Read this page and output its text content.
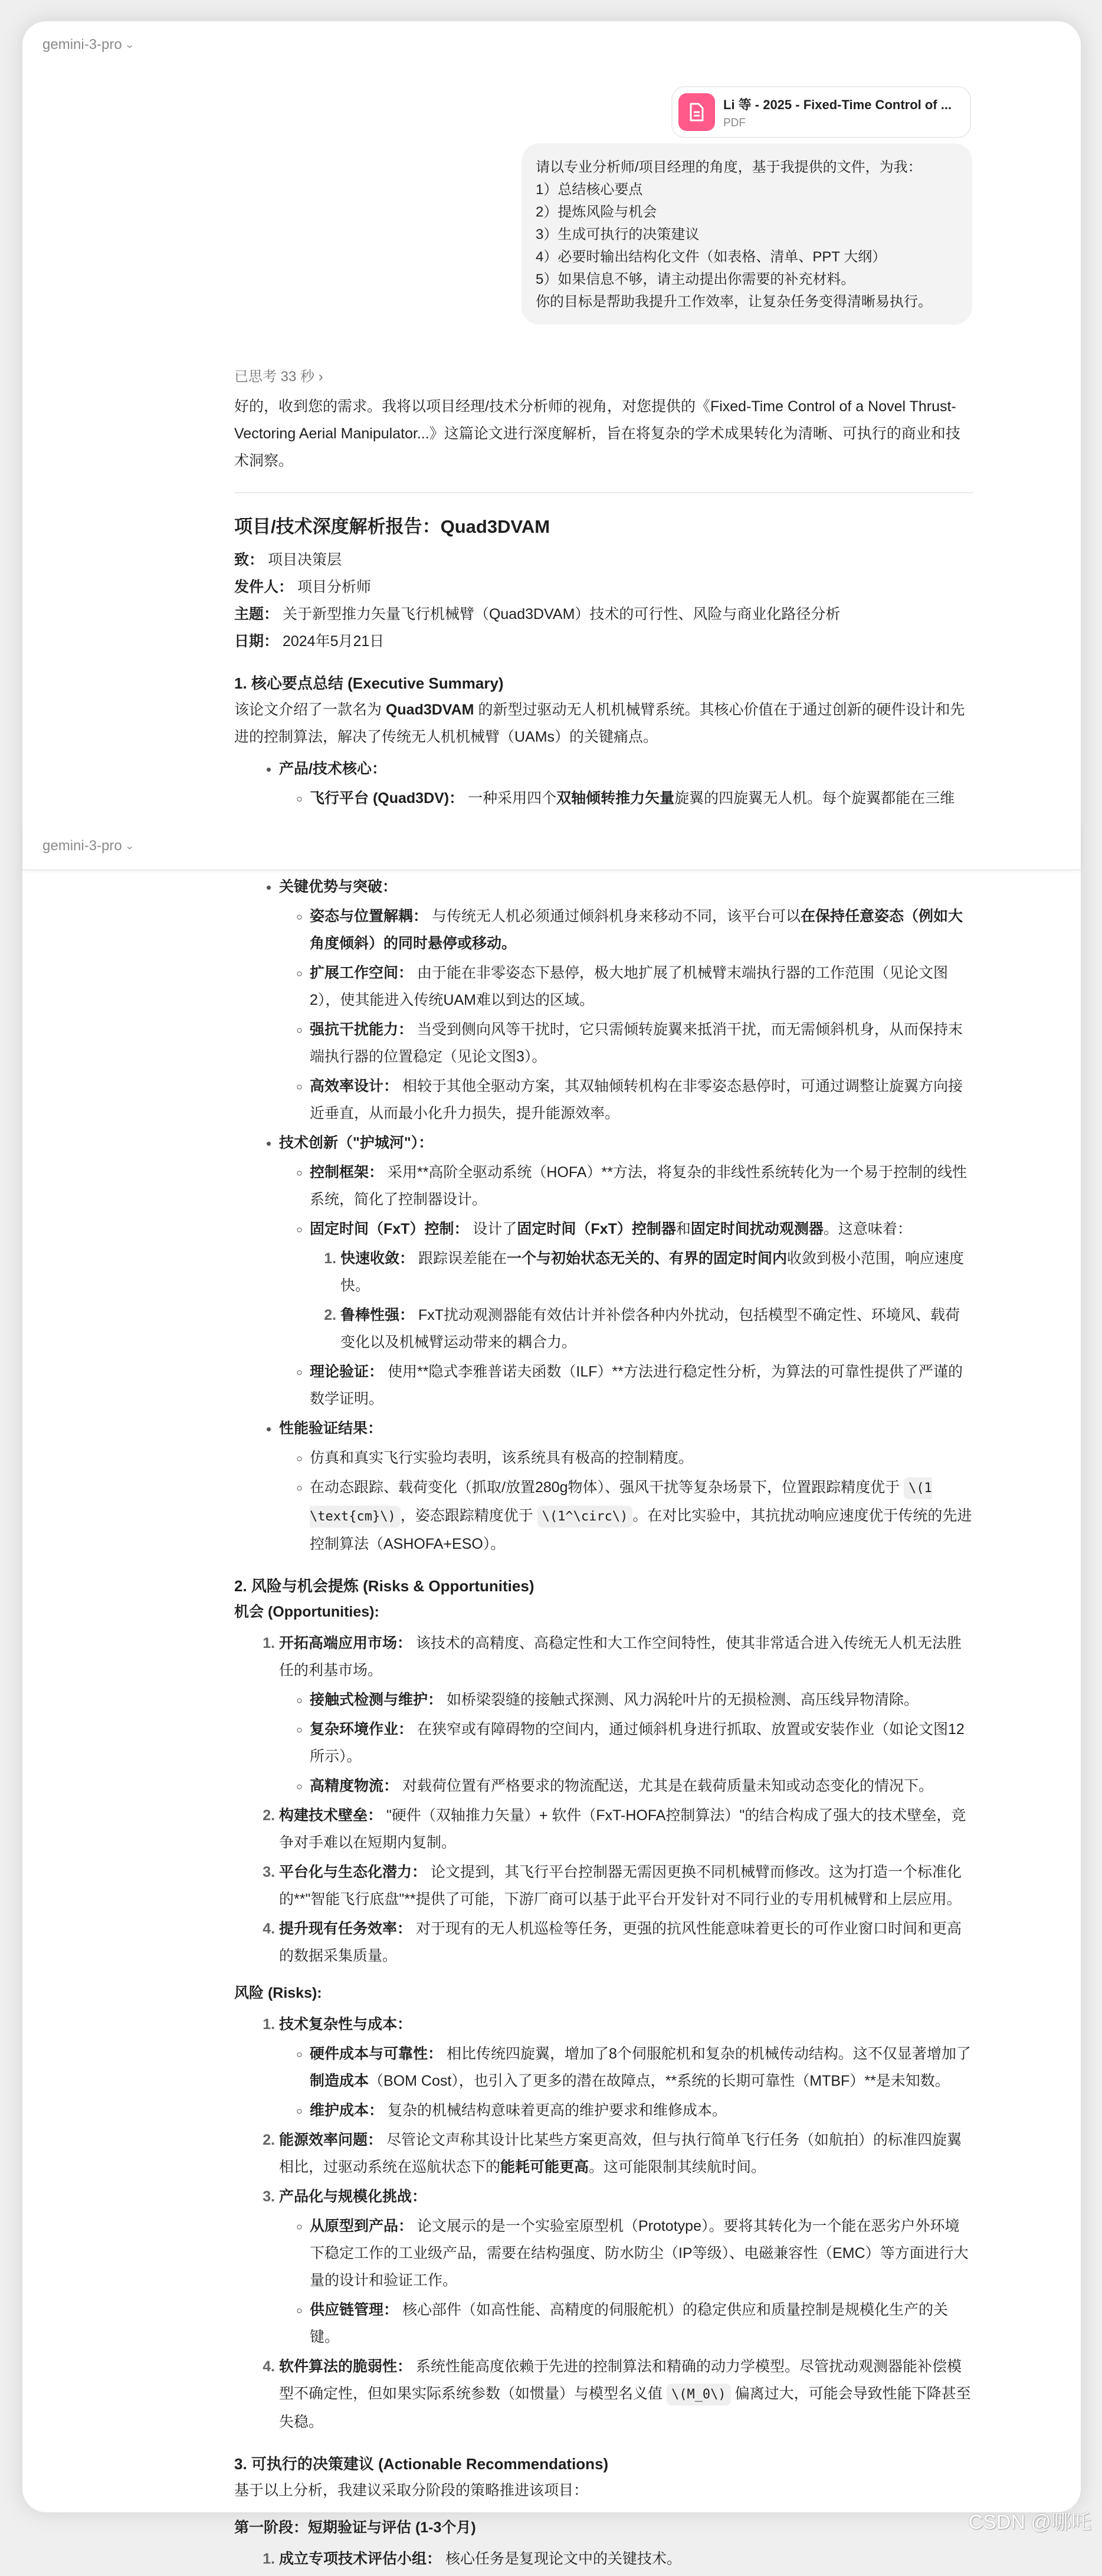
gemini-3-pro ⌄
Li 等 - 2025 - Fixed-Time Control of ...
PDF
请以专业分析师/项目经理的角度，基于我提供的文件，为我：
1）总结核心要点
2）提炼风险与机会
3）生成可执行的决策建议
4）必要时输出结构化文件（如表格、清单、PPT 大纲）
5）如果信息不够，请主动提出你需要的补充材料。
你的目标是帮助我提升工作效率，让复杂任务变得清晰易执行。
已思考 33 秒 ›

好的，收到您的需求。我将以项目经理/技术分析师的视角，对您提供的《Fixed-Time Control of a Novel Thrust-Vectoring Aerial Manipulator...》这篇论文进行深度解析，旨在将复杂的学术成果转化为清晰、可执行的商业和技术洞察。

项目/技术深度解析报告：Quad3DVAM

致： 项目决策层

发件人： 项目分析师

主题： 关于新型推力矢量飞行机械臂（Quad3DVAM）技术的可行性、风险与商业化路径分析

日期： 2024年5月21日

1. 核心要点总结 (Executive Summary)

该论文介绍了一款名为 Quad3DVAM 的新型过驱动无人机机械臂系统。其核心价值在于通过创新的硬件设计和先进的控制算法，解决了传统无人机机械臂（UAMs）的关键痛点。

• 产品/技术核心：
◦ 飞行平台 (Quad3DV)： 一种采用四个双轴倾转推力矢量旋翼的四旋翼无人机。每个旋翼都能在三维
gemini-3-pro ⌄
• 关键优势与突破：
◦ 姿态与位置解耦： 与传统无人机必须通过倾斜机身来移动不同，该平台可以在保持任意姿态（例如大角度倾斜）的同时悬停或移动。
◦ 扩展工作空间： 由于能在非零姿态下悬停，极大地扩展了机械臂末端执行器的工作范围（见论文图2），使其能进入传统UAM难以到达的区域。
◦ 强抗干扰能力： 当受到侧向风等干扰时，它只需倾转旋翼来抵消干扰，而无需倾斜机身，从而保持末端执行器的位置稳定（见论文图3）。
◦ 高效率设计： 相较于其他全驱动方案，其双轴倾转机构在非零姿态悬停时，可通过调整让旋翼方向接近垂直，从而最小化升力损失，提升能源效率。
• 技术创新（"护城河"）：
◦ 控制框架： 采用**高阶全驱动系统（HOFA）**方法，将复杂的非线性系统转化为一个易于控制的线性系统，简化了控制器设计。
◦ 固定时间（FxT）控制： 设计了固定时间（FxT）控制器和固定时间扰动观测器。这意味着：
1. 快速收敛： 跟踪误差能在一个与初始状态无关的、有界的固定时间内收敛到极小范围，响应速度快。
2. 鲁棒性强： FxT扰动观测器能有效估计并补偿各种内外扰动，包括模型不确定性、环境风、载荷变化以及机械臂运动带来的耦合力。
◦ 理论验证： 使用**隐式李雅普诺夫函数（ILF）**方法进行稳定性分析，为算法的可靠性提供了严谨的数学证明。
• 性能验证结果：
◦ 仿真和真实飞行实验均表明，该系统具有极高的控制精度。
◦ 在动态跟踪、载荷变化（抓取/放置280g物体）、强风干扰等复杂场景下，位置跟踪精度优于 \(1 \text{cm}\) ，姿态跟踪精度优于 \(1^\circ\) 。在对比实验中，其抗扰动响应速度优于传统的先进控制算法（ASHOFA+ESO）。
2. 风险与机会提炼 (Risks & Opportunities)
机会 (Opportunities):
1. 开拓高端应用市场： 该技术的高精度、高稳定性和大工作空间特性，使其非常适合进入传统无人机无法胜任的利基市场。
◦ 接触式检测与维护： 如桥梁裂缝的接触式探测、风力涡轮叶片的无损检测、高压线异物清除。
◦ 复杂环境作业： 在狭窄或有障碍物的空间内，通过倾斜机身进行抓取、放置或安装作业（如论文图12所示）。
◦ 高精度物流： 对载荷位置有严格要求的物流配送，尤其是在载荷质量未知或动态变化的情况下。
2. 构建技术壁垒： "硬件（双轴推力矢量）+ 软件（FxT-HOFA控制算法）"的结合构成了强大的技术壁垒，竞争对手难以在短期内复制。
3. 平台化与生态化潜力： 论文提到，其飞行平台控制器无需因更换不同机械臂而修改。这为打造一个标准化的**"智能飞行底盘"**提供了可能，下游厂商可以基于此平台开发针对不同行业的专用机械臂和上层应用。
4. 提升现有任务效率： 对于现有的无人机巡检等任务，更强的抗风性能意味着更长的可作业窗口时间和更高的数据采集质量。
风险 (Risks):
1. 技术复杂性与成本：
◦ 硬件成本与可靠性： 相比传统四旋翼，增加了8个伺服舵机和复杂的机械传动结构。这不仅显著增加了制造成本（BOM Cost），也引入了更多的潜在故障点，**系统的长期可靠性（MTBF）**是未知数。
◦ 维护成本： 复杂的机械结构意味着更高的维护要求和维修成本。
2. 能源效率问题： 尽管论文声称其设计比某些方案更高效，但与执行简单飞行任务（如航拍）的标准四旋翼相比，过驱动系统在巡航状态下的能耗可能更高。这可能限制其续航时间。
3. 产品化与规模化挑战：
◦ 从原型到产品： 论文展示的是一个实验室原型机（Prototype）。要将其转化为一个能在恶劣户外环境下稳定工作的工业级产品，需要在结构强度、防水防尘（IP等级）、电磁兼容性（EMC）等方面进行大量的设计和验证工作。
◦ 供应链管理： 核心部件（如高性能、高精度的伺服舵机）的稳定供应和质量控制是规模化生产的关键。
4. 软件算法的脆弱性： 系统性能高度依赖于先进的控制算法和精确的动力学模型。尽管扰动观测器能补偿模型不确定性，但如果实际系统参数（如惯量）与模型名义值 \(M_0\) 偏离过大，可能会导致性能下降甚至失稳。
3. 可执行的决策建议 (Actionable Recommendations)

基于以上分析，我建议采取分阶段的策略推进该项目：

第一阶段：短期验证与评估 (1-3个月)
1. 成立专项技术评估小组： 核心任务是复现论文中的关键技术。
CSDN @哪吒
